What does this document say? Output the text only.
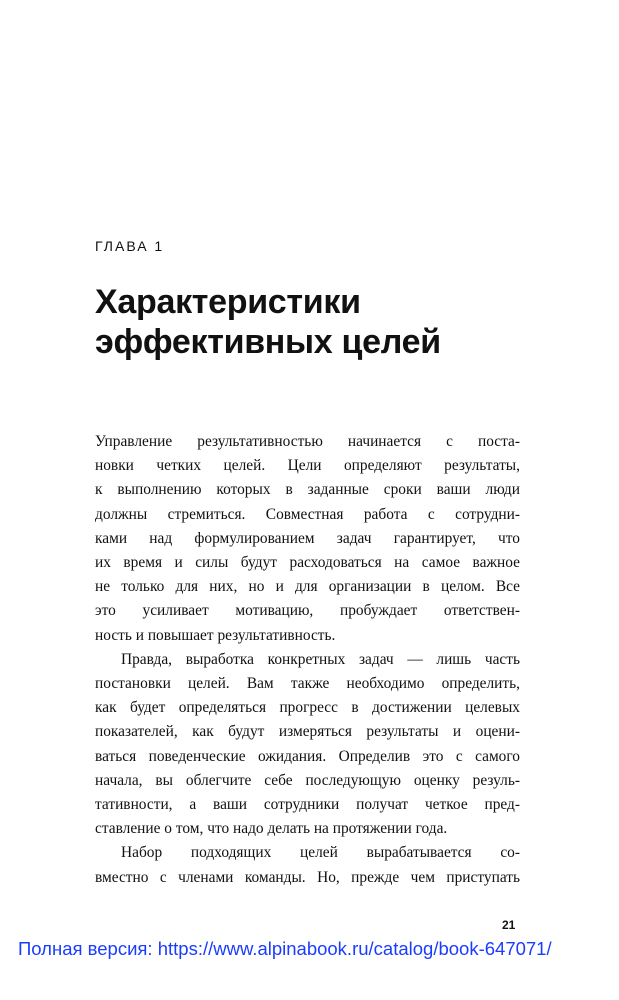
ГЛАВА 1
Характеристики
эффективных целей
Управление результативностью начинается с поста-
новки четких целей. Цели определяют результаты,
к выполнению которых в заданные сроки ваши люди
должны стремиться. Совместная работа с сотрудни-
ками над формулированием задач гарантирует, что
их время и силы будут расходоваться на самое важное
не только для них, но и для организации в целом. Все
это усиливает мотивацию, пробуждает ответствен-
ность и повышает результативность.
Правда, выработка конкретных задач — лишь часть
постановки целей. Вам также необходимо определить,
как будет определяться прогресс в достижении целевых
показателей, как будут измеряться результаты и оцени-
ваться поведенческие ожидания. Определив это с самого
начала, вы облегчите себе последующую оценку резуль-
тативности, а ваши сотрудники получат четкое пред-
ставление о том, что надо делать на протяжении года.
Набор подходящих целей вырабатывается со-
вместно с членами команды. Но, прежде чем приступать
21
Полная версия: https://www.alpinabook.ru/catalog/book-647071/
